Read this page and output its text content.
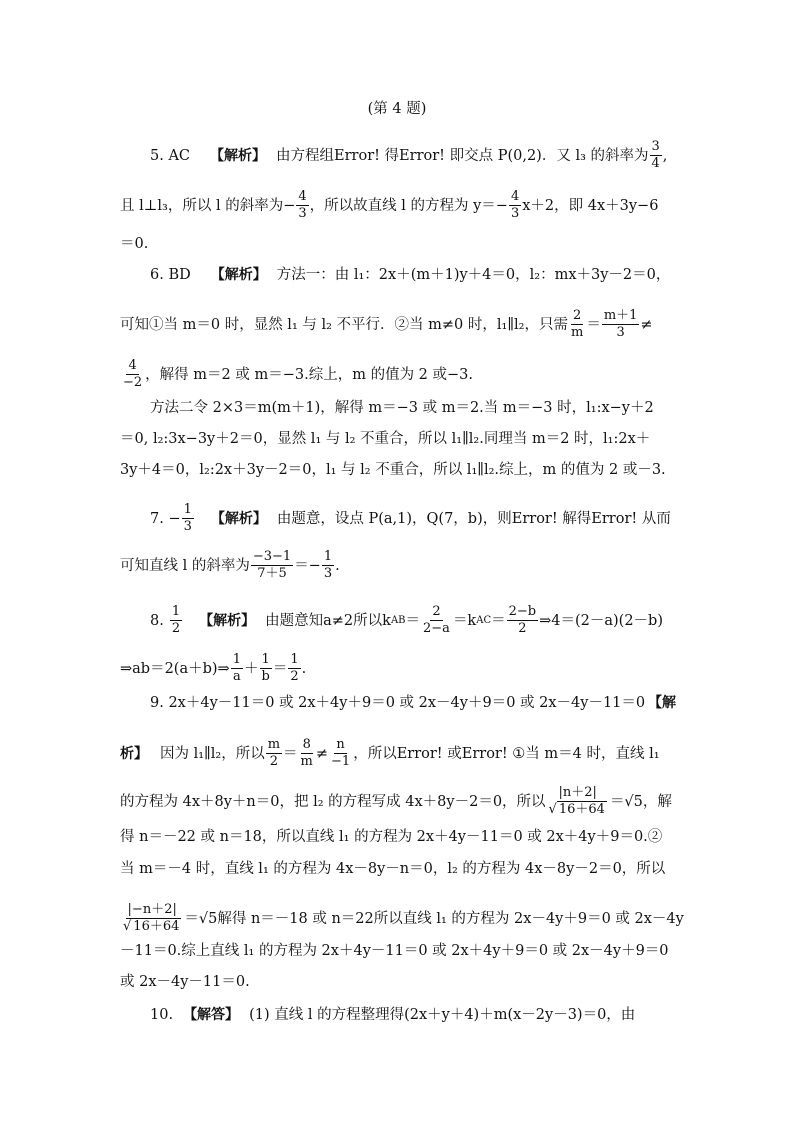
(第 4 题)
5. AC 【解析】 由方程组Error! 得Error! 即交点 P(0,2)．又 l₃ 的斜率为 $\frac{3}{4}$ ,
且 l⊥l₃，所以 l 的斜率为− $\frac{4}{3}$ ，所以故直线 l 的方程为 $y=- \frac{4}{3} x+2$，即 4x＋3y−6
＝0.
6. BD 【解析】 方法一：由 l₁：2x＋(m＋1)y＋4＝0，l₂：mx＋3y－2＝0，
可知①当 m＝0 时，显然 l₁ 与 l₂ 不平行．②当 m≠0 时，l₁∥l₂，只需 $\frac{2}{m} = \frac{m+1}{3}$ ≠
$\frac{4}{-2}$ ，解得 m＝2 或 m＝−3.综上，m 的值为 2 或−3.
方法二令 2×3＝m(m＋1)，解得 m＝−3 或 m＝2.当 m＝−3 时，l₁:x−y＋2
＝0, l₂:3x−3y＋2＝0，显然 l₁ 与 l₂ 不重合，所以 l₁∥l₂.同理当 m＝2 时，l₁:2x＋
3y＋4＝0，l₂:2x＋3y－2＝0，l₁ 与 l₂ 不重合，所以 l₁∥l₂.综上，m 的值为 2 或－3.
7. − $\frac{1}{3}$ 【解析】 由题意，设点 P(a,1)，Q(7，b)，则Error! 解得Error! 从而
可知直线 l 的斜率为 $\frac{-3-1}{7+5} =- \frac{1}{3}$ .
8. $\frac{1}{2}$ 【解析】 由题意知a≠2所以k AB ＝ $\frac{2}{2-a} =k$ AC ＝ $\frac{2-b}{2}$ ⇒4＝(2－a)(2－b)
⇒ab＝2(a＋b)⇒ $\frac{1}{a} + \frac{1}{b} = \frac{1}{2}$ .
9. 2x＋4y－11＝0 或 2x＋4y＋9＝0 或 2x－4y＋9＝0 或 2x－4y－11＝0 【解
析】 因为 l₁∥l₂，所以 $\frac{m}{2} = \frac{8}{m} \ne \frac{n}{-1}$ ，所以Error! 或Error! ①当 m＝4 时，直线 l₁
的方程为 4x＋8y＋n＝0，把 l₂ 的方程写成 4x＋8y－2＝0，所以 $\frac{|n+2|}{√ 16+64} =√5$，解
得 n＝－22 或 n＝18，所以直线 l₁ 的方程为 2x＋4y－11＝0 或 2x＋4y＋9＝0.②
当 m＝－4 时，直线 l₁ 的方程为 4x－8y－n＝0，l₂ 的方程为 4x－8y－2＝0，所以
$\frac{|-n+2|}{√ 16+64} =√5$解得 n＝－18 或 n＝22所以直线 l₁ 的方程为 2x－4y＋9＝0 或 2x－4y
－11＝0.综上直线 l₁ 的方程为 2x＋4y－11＝0 或 2x＋4y＋9＝0 或 2x－4y＋9＝0
或 2x－4y－11＝0.
10. 【解答】 (1) 直线 l 的方程整理得(2x＋y＋4)＋m(x－2y－3)＝0，由
